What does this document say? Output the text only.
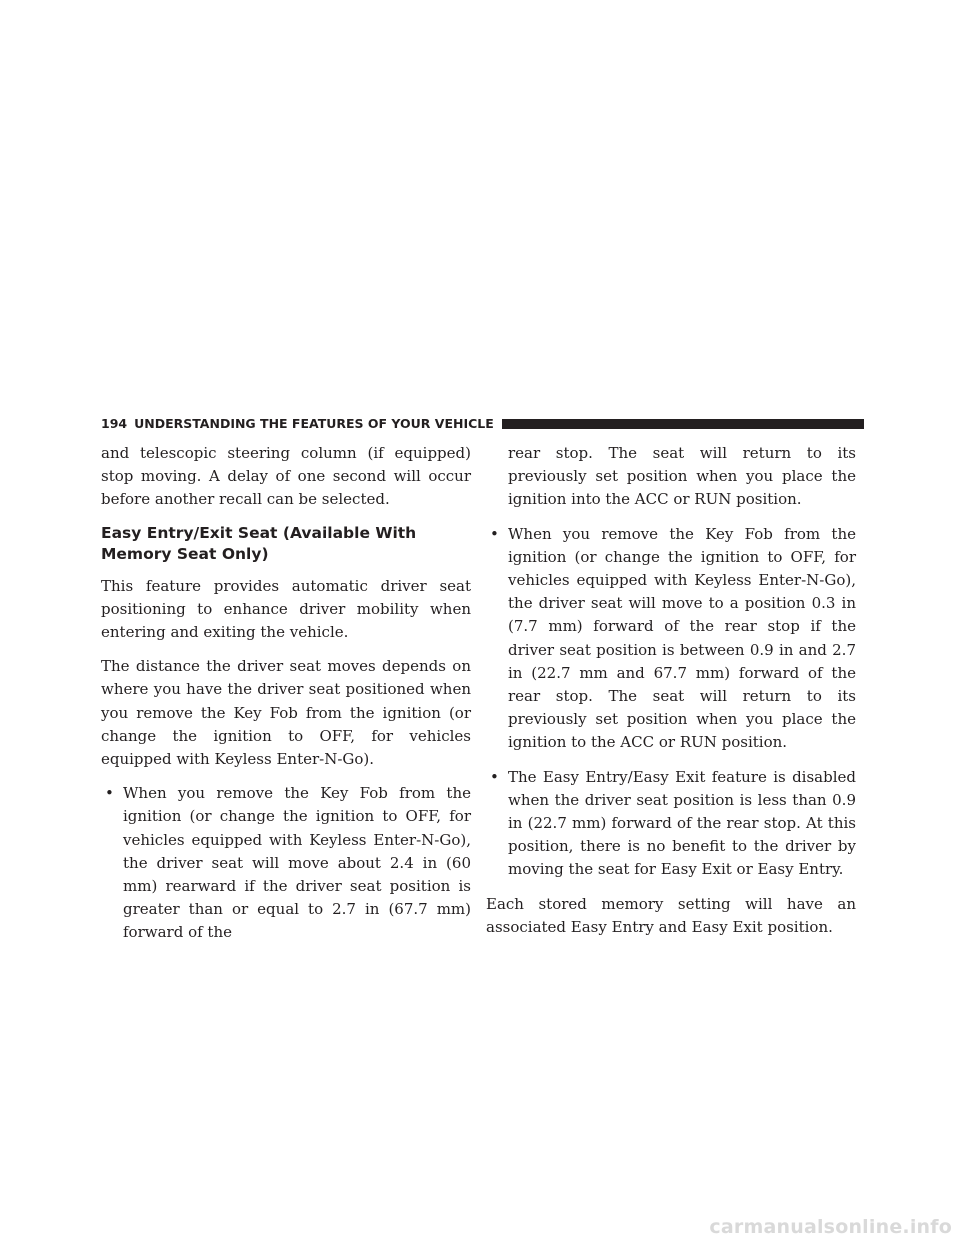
194 UNDERSTANDING THE FEATURES OF YOUR VEHICLE

and telescopic steering column (if equipped) stop moving. A delay of one second will occur before another recall can be selected.

Easy Entry/Exit Seat (Available With Memory Seat Only)

This feature provides automatic driver seat positioning to enhance driver mobility when entering and exiting the vehicle.

The distance the driver seat moves depends on where you have the driver seat positioned when you remove the Key Fob from the ignition (or change the ignition to OFF, for vehicles equipped with Keyless Enter-N-Go).

• When you remove the Key Fob from the ignition (or change the ignition to OFF, for vehicles equipped with Keyless Enter-N-Go), the driver seat will move about 2.4 in (60 mm) rearward if the driver seat position is greater than or equal to 2.7 in (67.7 mm) forward of the
rear stop. The seat will return to its previously set position when you place the ignition into the ACC or RUN position.
• When you remove the Key Fob from the ignition (or change the ignition to OFF, for vehicles equipped with Keyless Enter-N-Go), the driver seat will move to a position 0.3 in (7.7 mm) forward of the rear stop if the driver seat position is between 0.9 in and 2.7 in (22.7 mm and 67.7 mm) forward of the rear stop. The seat will return to its previously set position when you place the ignition to the ACC or RUN position.
• The Easy Entry/Easy Exit feature is disabled when the driver seat position is less than 0.9 in (22.7 mm) forward of the rear stop. At this position, there is no benefit to the driver by moving the seat for Easy Exit or Easy Entry.

Each stored memory setting will have an associated Easy Entry and Easy Exit position.

carmanualsonline.info
